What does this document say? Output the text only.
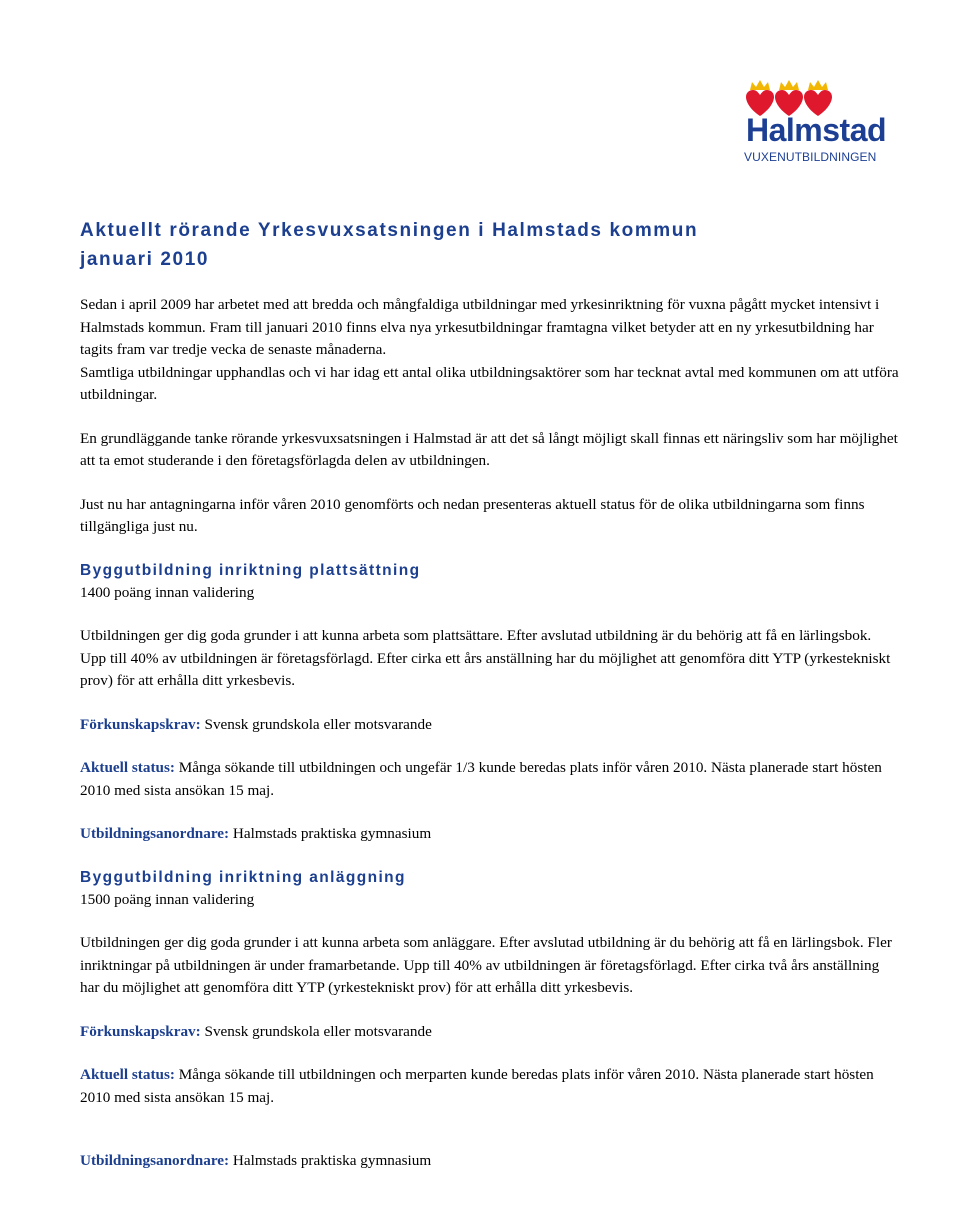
Halmstad
VUXENUTBILDNINGEN
Aktuellt rörande Yrkesvuxsatsningen i Halmstads kommun
januari 2010

Sedan i april 2009 har arbetet med att bredda och mångfaldiga utbildningar med yrkesinriktning för vuxna pågått mycket intensivt i Halmstads kommun. Fram till januari 2010 finns elva nya yrkesutbildningar framtagna vilket betyder att en ny yrkesutbildning har tagits fram var tredje vecka de senaste månaderna.

Samtliga utbildningar upphandlas och vi har idag ett antal olika utbildningsaktörer som har tecknat avtal med kommunen om att utföra utbildningar.

En grundläggande tanke rörande yrkesvuxsatsningen i Halmstad är att det så långt möjligt skall finnas ett näringsliv som har möjlighet att ta emot studerande i den företagsförlagda delen av utbildningen.

Just nu har antagningarna inför våren 2010 genomförts och nedan presenteras aktuell status för de olika utbildningarna som finns tillgängliga just nu.

Byggutbildning inriktning plattsättning

1400 poäng innan validering

Utbildningen ger dig goda grunder i att kunna arbeta som plattsättare. Efter avslutad utbildning är du behörig att få en lärlingsbok. Upp till 40% av utbildningen är företagsförlagd. Efter cirka ett års anställning har du möjlighet att genomföra ditt YTP (yrkestekniskt prov) för att erhålla ditt yrkesbevis.

Förkunskapskrav: Svensk grundskola eller motsvarande

Aktuell status: Många sökande till utbildningen och ungefär 1/3 kunde beredas plats inför våren 2010. Nästa planerade start hösten 2010 med sista ansökan 15 maj.

Utbildningsanordnare: Halmstads praktiska gymnasium

Byggutbildning inriktning anläggning

1500 poäng innan validering

Utbildningen ger dig goda grunder i att kunna arbeta som anläggare. Efter avslutad utbildning är du behörig att få en lärlingsbok. Fler inriktningar på utbildningen är under framarbetande. Upp till 40% av utbildningen är företagsförlagd. Efter cirka två års anställning har du möjlighet att genomföra ditt YTP (yrkestekniskt prov) för att erhålla ditt yrkesbevis.

Förkunskapskrav: Svensk grundskola eller motsvarande

Aktuell status: Många sökande till utbildningen och merparten kunde beredas plats inför våren 2010. Nästa planerade start hösten 2010 med sista ansökan 15 maj.

Utbildningsanordnare: Halmstads praktiska gymnasium
